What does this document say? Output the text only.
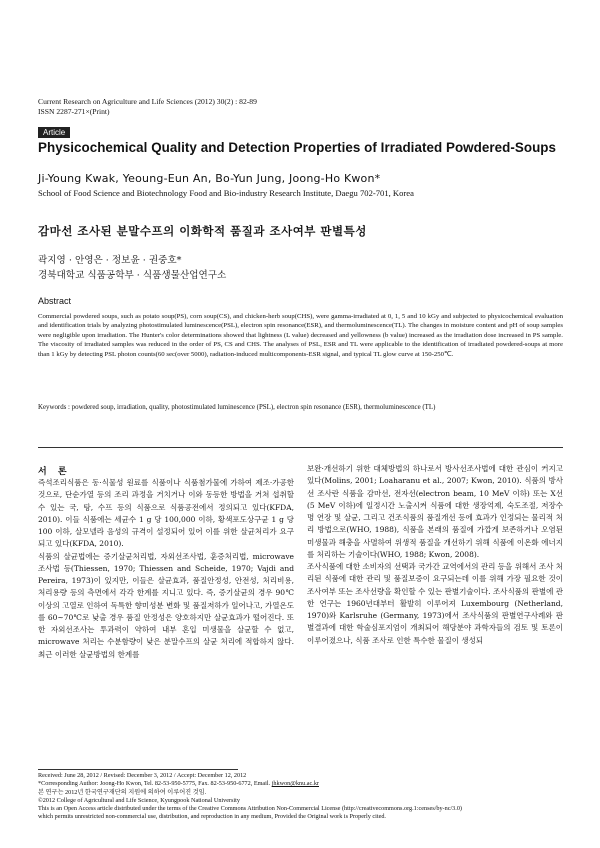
Current Research on Agriculture and Life Sciences (2012) 30(2) : 82-89
ISSN 2287-271×(Print)
Article
Physicochemical Quality and Detection Properties of Irradiated Powdered-Soups
Ji-Young Kwak, Yeoung-Eun An, Bo-Yun Jung, Joong-Ho Kwon*
School of Food Science and Biotechnology Food and Bio-industry Research Institute, Daegu 702-701, Korea
감마선 조사된 분말수프의 이화학적 품질과 조사여부 판별특성
곽지영 · 안영은 · 정보윤 · 권중호*
경북대학교 식품공학부 · 식품생물산업연구소
Abstract
Commercial powdered soups, such as potato soup(PS), corn soup(CS), and chicken-herb soup(CHS), were gamma-irradiated at 0, 1, 5 and 10 kGy and subjected to physicochemical evaluation and identification trials by analyzing photostimulated luminescence(PSL), electron spin resonance(ESR), and thermoluminescence(TL). The changes in moisture content and pH of soup samples were negligible upon irradiation. The Hunter's color determinations showed that lightness (L value) decreased and yellowness (b value) increased as the irradiation dose increased in PS sample. The viscosity of irradiated samples was reduced in the order of PS, CS and CHS. The analyses of PSL, ESR and TL were applicable to the identification of irradiated powdered-soups at more than 1 kGy by detecting PSL photon counts(60 sec(over 5000), radiation-induced multicomponents-ESR signal, and typical TL glow curve at 150-250℃.
Keywords : powdered soup, irradiation, quality, photostimulated luminescence (PSL), electron spin resonance (ESR), thermoluminescence (TL)
서 론

즉석조리식품은 동·식물성 원료를 식품이나 식품첨가물에 가하여 제조·가공한 것으로, 단순가열 등의 조리 과정을 거치거나 이와 동등한 방법을 거쳐 섭취할 수 있는 국, 탕, 수프 등의 식품으로 식품공전에서 정의되고 있다(KFDA, 2010). 이들 식품에는 세균수 1 g 당 100,000 이하, 황색포도상구균 1 g 당 100 이하, 살모넬라 음성의 규격이 설정되어 있어 이를 위한 살균처리가 요구되고 있다(KFDA, 2010).

식품의 살균법에는 증기살균처리법, 자외선조사법, 훈증처리법, microwave 조사법 등(Thiessen, 1970; Thiessen and Scheide, 1970; Vajdi and Pereira, 1973)이 있지만, 이들은 살균효과, 품질안정성, 안전성, 처리비용, 처리용량 등의 측면에서 각각 한계를 지니고 있다. 즉, 증기살균의 경우 90℃ 이상의 고열로 인하여 독특한 향미성분 변화 및 품질저하가 일어나고, 가열온도를 60~70℃로 낮출 경우 품질 안정성은 양호하지만 살균효과가 떨어진다. 또한 자외선조사는 투과력이 약하여 내부 혼입 미생물을 살균할 수 없고, microwave 처리는 수분함량이 낮은 분말수프의 살균 처리에 적합하지 않다. 최근 이러한 살균방법의 한계를

보완·개선하기 위한 대체방법의 하나로서 방사선조사법에 대한 관심이 커지고 있다(Molins, 2001; Loaharanu et al., 2007; Kwon, 2010). 식품의 방사선 조사란 식품을 감마선, 전자선(electron beam, 10 MeV 이하) 또는 X선(5 MeV 이하)에 일정시간 노출시켜 식품에 대한 생장억제, 숙도조절, 저장수명 연장 및 살균, 그리고 건조식품의 품질개선 등에 효과가 인정되는 물리적 처리 방법으로(WHO, 1988), 식품을 본래의 품질에 가깝게 보존하거나 오염된 미생물과 해충을 사멸하여 위생적 품질을 개선하기 위해 식품에 이온화 에너지를 처리하는 기술이다(WHO, 1988; Kwon, 2008).

조사식품에 대한 소비자의 선택과 국가간 교역에서의 관리 등을 위해서 조사 처리된 식품에 대한 관리 및 품질보증이 요구되는데 이를 위해 가장 필요한 것이 조사여부 또는 조사선량을 확인할 수 있는 판별기술이다. 조사식품의 판별에 관한 연구는 1960년대부터 활발히 이루어져 Luxembourg (Netherland, 1970)와 Karlsruhe (Germany, 1973)에서 조사식품의 판별연구사례와 판별결과에 대한 학술심포지엄이 개최되어 해당분야 과학자들의 검토 및 토론이 이루어졌으나, 식품 조사로 인한 특수한 물질이 생성되

Received: June 28, 2012 / Revised: December 3, 2012 / Accept: December 12, 2012
*Corresponding Author: Joong-Ho Kwon, Tel. 82-53-950-5775, Fax. 82-53-950-6772, Email. jhkwon@knu.ac.kr
본 연구는 2012년 한국연구재단의 지원에 의하여 이루어진 것임.
©2012 College of Agricultural and Life Science, Kyungpook National University
This is an Open Access article distributed under the terms of the Creative Commons Attribution Non-Commercial License (http://creativecommons.org.1:censes/by-nc/3.0)
which permits unrestricted non-commercial use, distribution, and reproduction in any medium, Provided the Original work is Properly cited.
